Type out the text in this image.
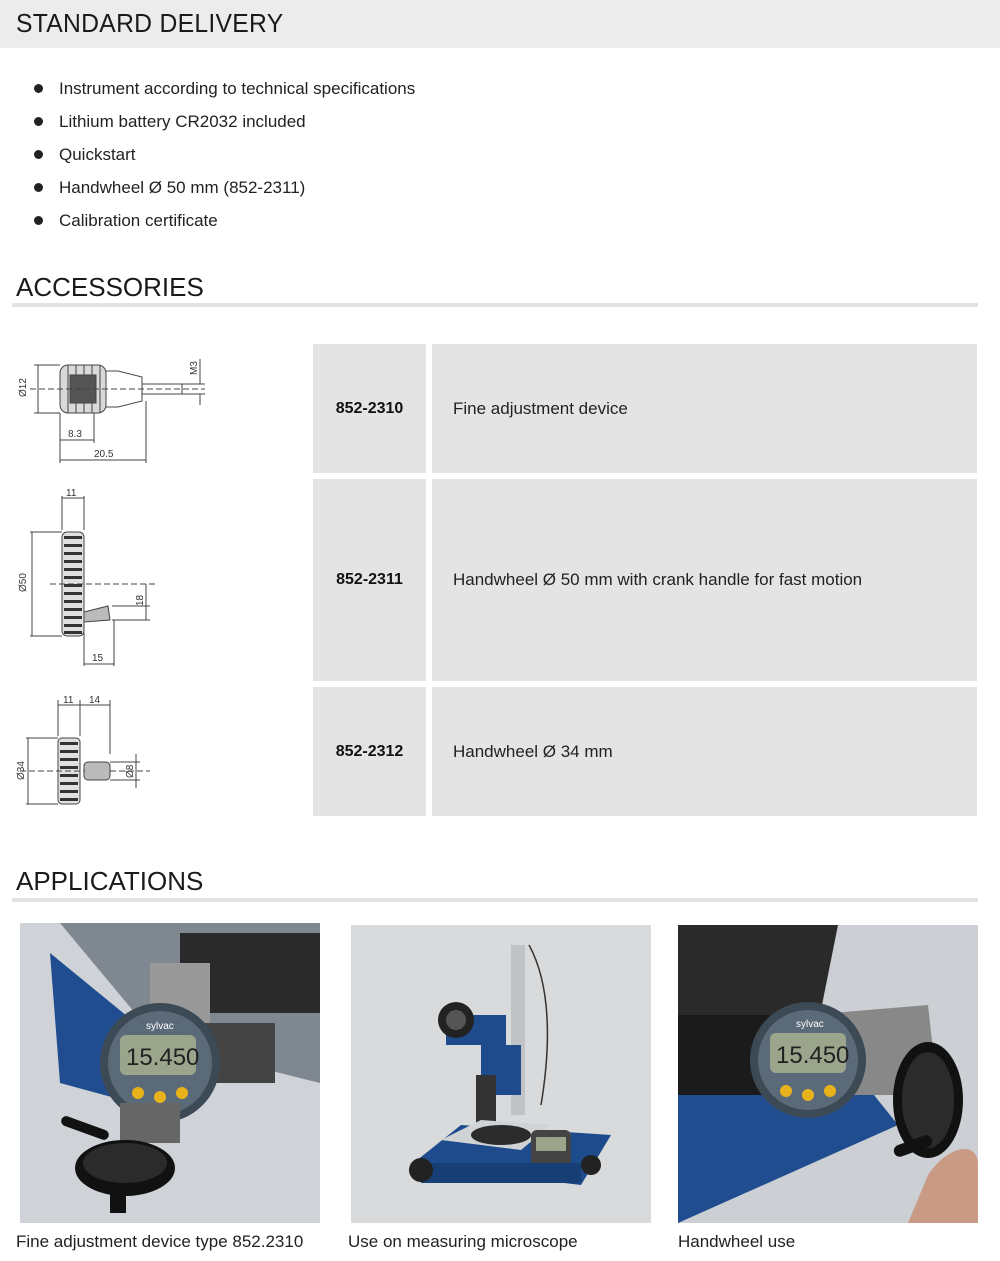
STANDARD DELIVERY
Instrument according to technical specifications
Lithium battery CR2032 included
Quickstart
Handwheel Ø 50 mm (852-2311)
Calibration certificate
ACCESSORIES
Ø12
M3
8.3
20.5
11
Ø50
18
15
11 14
Ø34	Ø8
852-2310	Fine adjustment device
852-2311	Handwheel Ø 50 mm with crank handle for fast motion
852-2312	Handwheel Ø 34 mm
APPLICATIONS
15.450
sylvac
Fine adjustment device type 852.2310	Use on measuring microscope
15.450
sylvac
Handwheel use
